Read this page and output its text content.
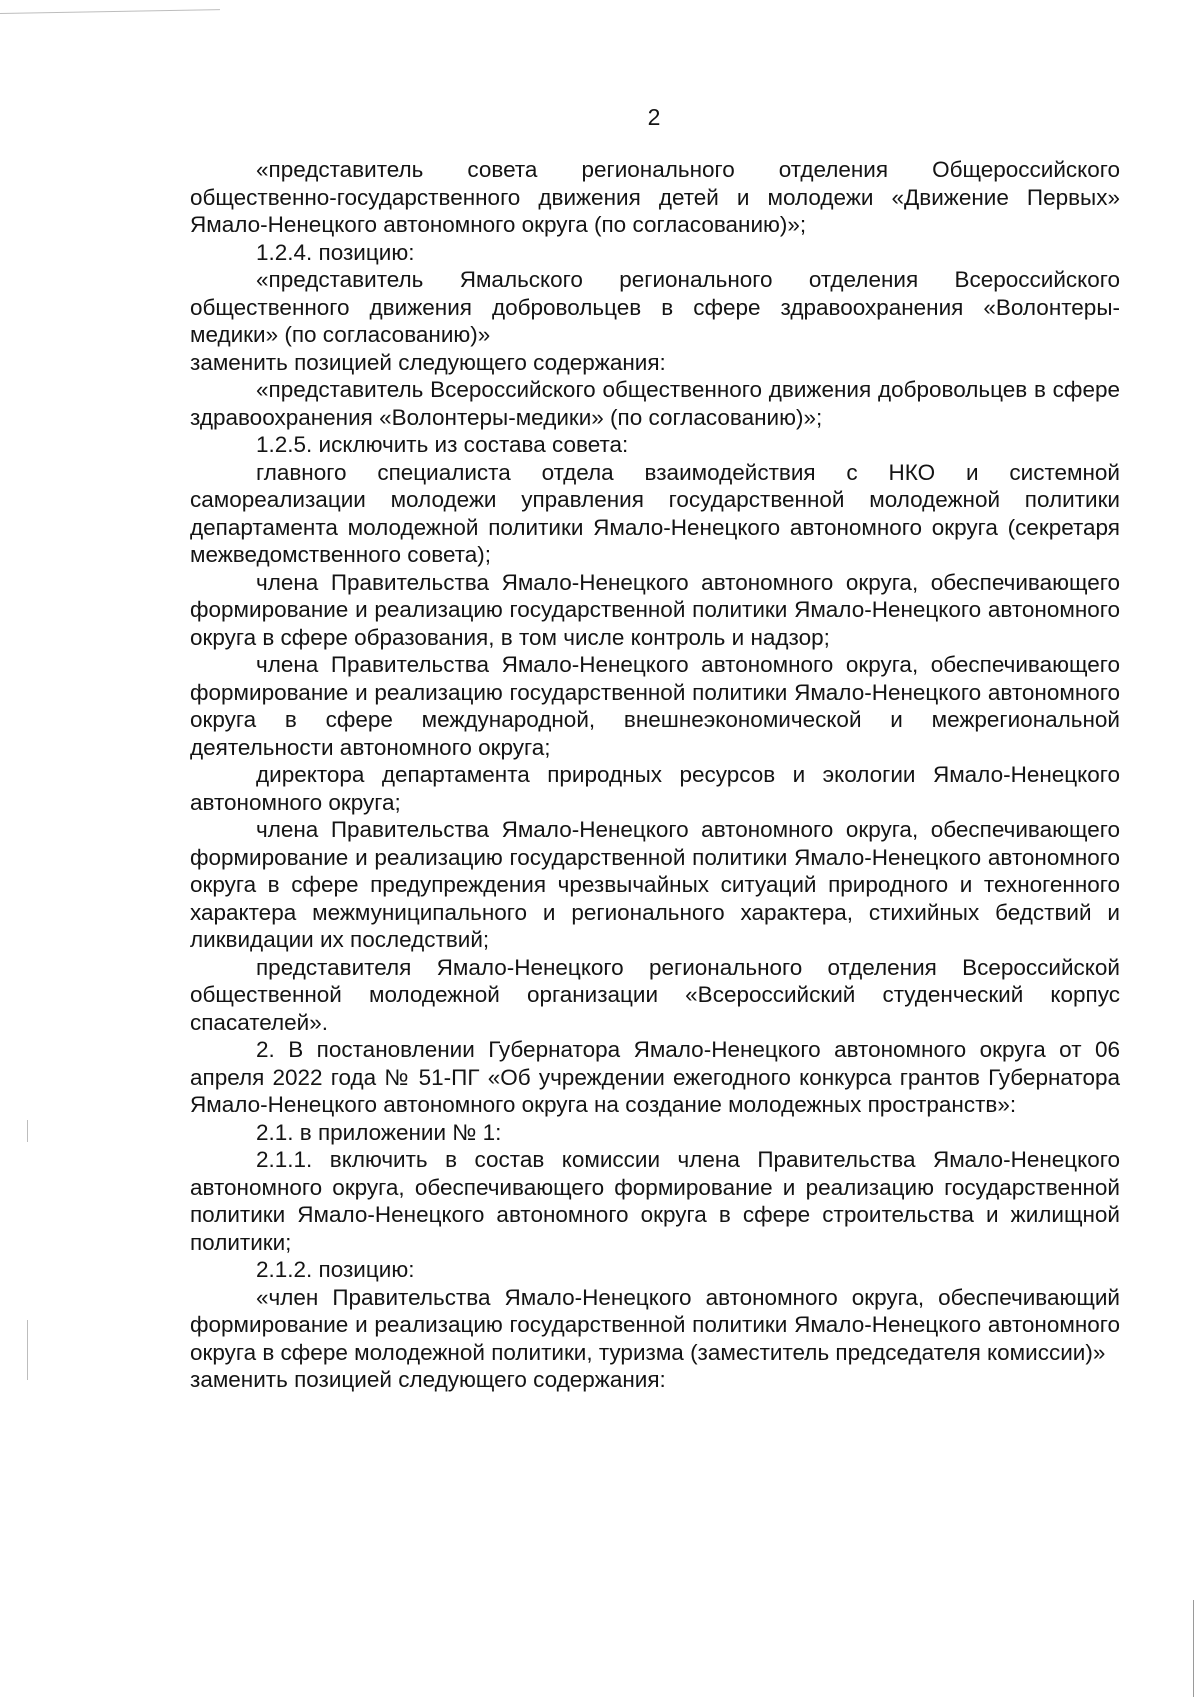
2

«представитель совета регионального отделения Общероссийского общественно-государственного движения детей и молодежи «Движение Первых» Ямало-Ненецкого автономного округа (по согласованию)»;

1.2.4. позицию:

«представитель Ямальского регионального отделения Всероссийского общественного движения добровольцев в сфере здравоохранения «Волонтеры-медики» (по согласованию)»

заменить позицией следующего содержания:

«представитель Всероссийского общественного движения добровольцев в сфере здравоохранения «Волонтеры-медики» (по согласованию)»;

1.2.5. исключить из состава совета:

главного специалиста отдела взаимодействия с НКО и системной самореализации молодежи управления государственной молодежной политики департамента молодежной политики Ямало-Ненецкого автономного округа (секретаря межведомственного совета);

члена Правительства Ямало-Ненецкого автономного округа, обеспечивающего формирование и реализацию государственной политики Ямало-Ненецкого автономного округа в сфере образования, в том числе контроль и надзор;

члена Правительства Ямало-Ненецкого автономного округа, обеспечивающего формирование и реализацию государственной политики Ямало-Ненецкого автономного округа в сфере международной, внешнеэкономической и межрегиональной деятельности автономного округа;

директора департамента природных ресурсов и экологии Ямало-Ненецкого автономного округа;

члена Правительства Ямало-Ненецкого автономного округа, обеспечивающего формирование и реализацию государственной политики Ямало-Ненецкого автономного округа в сфере предупреждения чрезвычайных ситуаций природного и техногенного характера межмуниципального и регионального характера, стихийных бедствий и ликвидации их последствий;

представителя Ямало-Ненецкого регионального отделения Всероссийской общественной молодежной организации «Всероссийский студенческий корпус спасателей».

2. В постановлении Губернатора Ямало-Ненецкого автономного округа от 06 апреля 2022 года № 51-ПГ «Об учреждении ежегодного конкурса грантов Губернатора Ямало-Ненецкого автономного округа на создание молодежных пространств»:

2.1. в приложении № 1:

2.1.1. включить в состав комиссии члена Правительства Ямало-Ненецкого автономного округа, обеспечивающего формирование и реализацию государственной политики Ямало-Ненецкого автономного округа в сфере строительства и жилищной политики;

2.1.2. позицию:

«член Правительства Ямало-Ненецкого автономного округа, обеспечивающий формирование и реализацию государственной политики Ямало-Ненецкого автономного округа в сфере молодежной политики, туризма (заместитель председателя комиссии)»

заменить позицией следующего содержания:
